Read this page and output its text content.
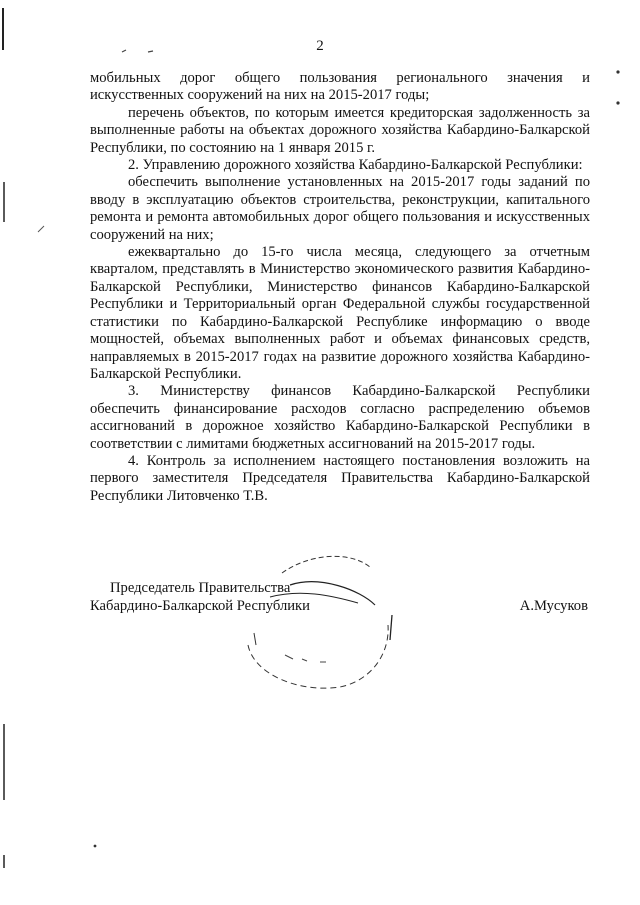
2

мобильных дорог общего пользования регионального значения и искусственных сооружений на них на 2015-2017 годы;

перечень объектов, по которым имеется кредиторская задолженность за выполненные работы на объектах дорожного хозяйства Кабардино-Балкарской Республики, по состоянию на 1 января 2015 г.

2. Управлению дорожного хозяйства Кабардино-Балкарской Республики:

обеспечить выполнение установленных на 2015-2017 годы заданий по вводу в эксплуатацию объектов строительства, реконструкции, капитального ремонта и ремонта автомобильных дорог общего пользования и искусственных сооружений на них;

ежеквартально до 15-го числа месяца, следующего за отчетным кварталом, представлять в Министерство экономического развития Кабардино-Балкарской Республики, Министерство финансов Кабардино-Балкарской Республики и Территориальный орган Федеральной службы государственной статистики по Кабардино-Балкарской Республике информацию о вводе мощностей, объемах выполненных работ и объемах финансовых средств, направляемых в 2015-2017 годах на развитие дорожного хозяйства Кабардино-Балкарской Республики.

3. Министерству финансов Кабардино-Балкарской Республики обеспечить финансирование расходов согласно распределению объемов ассигнований в дорожное хозяйство Кабардино-Балкарской Республики в соответствии с лимитами бюджетных ассигнований на 2015-2017 годы.

4. Контроль за исполнением настоящего постановления возложить на первого заместителя Председателя Правительства Кабардино-Балкарской Республики Литовченко Т.В.

Председатель Правительства
Кабардино-Балкарской Республики	А.Мусуков
